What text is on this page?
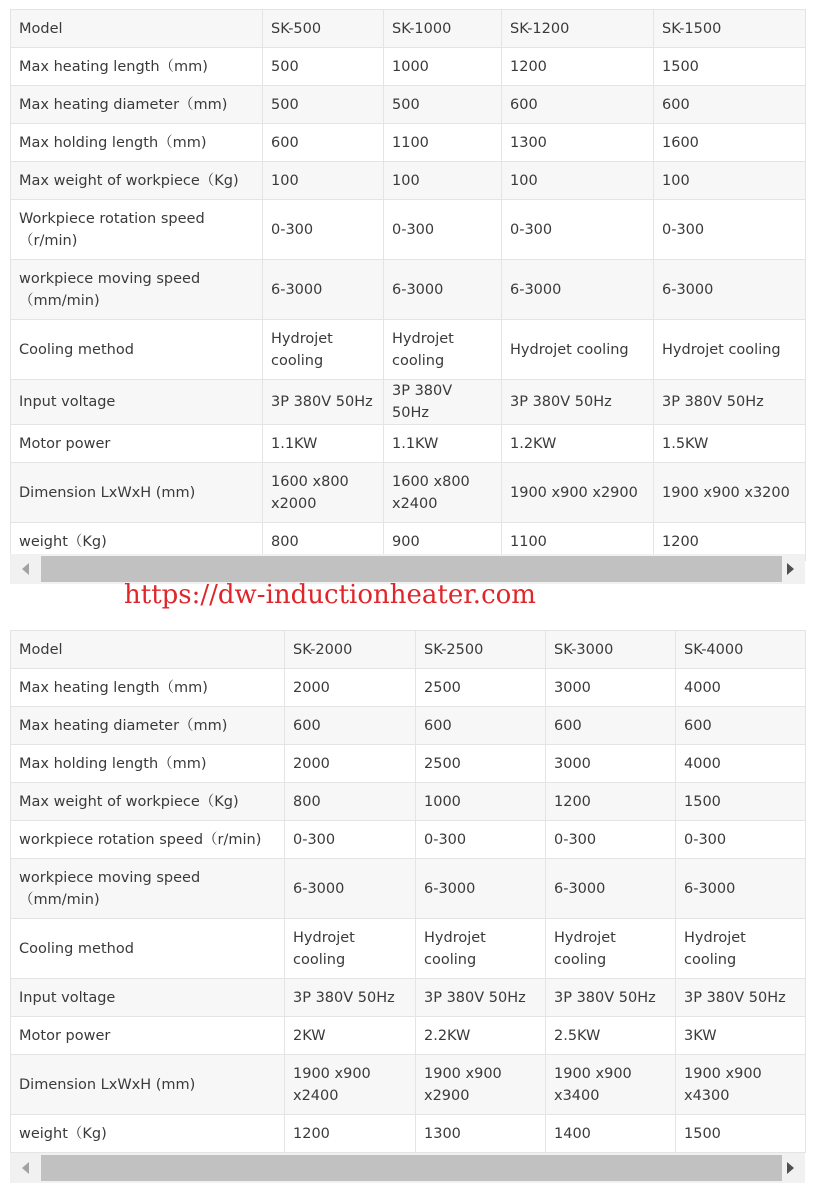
Model	SK-500	SK-1000	SK-1200	SK-1500
Max heating length（mm)	500	1000	1200	1500
Max heating diameter（mm)	500	500	600	600
Max holding length（mm)	600	1100	1300	1600
Max weight of workpiece（Kg)	100	100	100	100
Workpiece rotation speed（r/min)	0-300	0-300	0-300	0-300
workpiece moving speed（mm/min)	6-3000	6-3000	6-3000	6-3000
Cooling method	Hydrojet cooling	Hydrojet cooling	Hydrojet cooling	Hydrojet cooling
Input voltage	3P 380V 50Hz	3P 380V 50Hz	3P 380V 50Hz	3P 380V 50Hz
Motor power	1.1KW	1.1KW	1.2KW	1.5KW
Dimension LxWxH (mm)	1600 x800 x2000	1600 x800 x2400	1900 x900 x2900	1900 x900 x3200
weight（Kg)	800	900	1100	1200
https://dw-inductionheater.com
Model	SK-2000	SK-2500	SK-3000	SK-4000
Max heating length（mm)	2000	2500	3000	4000
Max heating diameter（mm)	600	600	600	600
Max holding length（mm)	2000	2500	3000	4000
Max weight of workpiece（Kg)	800	1000	1200	1500
workpiece rotation speed（r/min)	0-300	0-300	0-300	0-300
workpiece moving speed（mm/min)	6-3000	6-3000	6-3000	6-3000
Cooling method	Hydrojet cooling	Hydrojet cooling	Hydrojet cooling	Hydrojet cooling
Input voltage	3P 380V 50Hz	3P 380V 50Hz	3P 380V 50Hz	3P 380V 50Hz
Motor power	2KW	2.2KW	2.5KW	3KW
Dimension LxWxH (mm)	1900 x900 x2400	1900 x900 x2900	1900 x900 x3400	1900 x900 x4300
weight（Kg)	1200	1300	1400	1500
